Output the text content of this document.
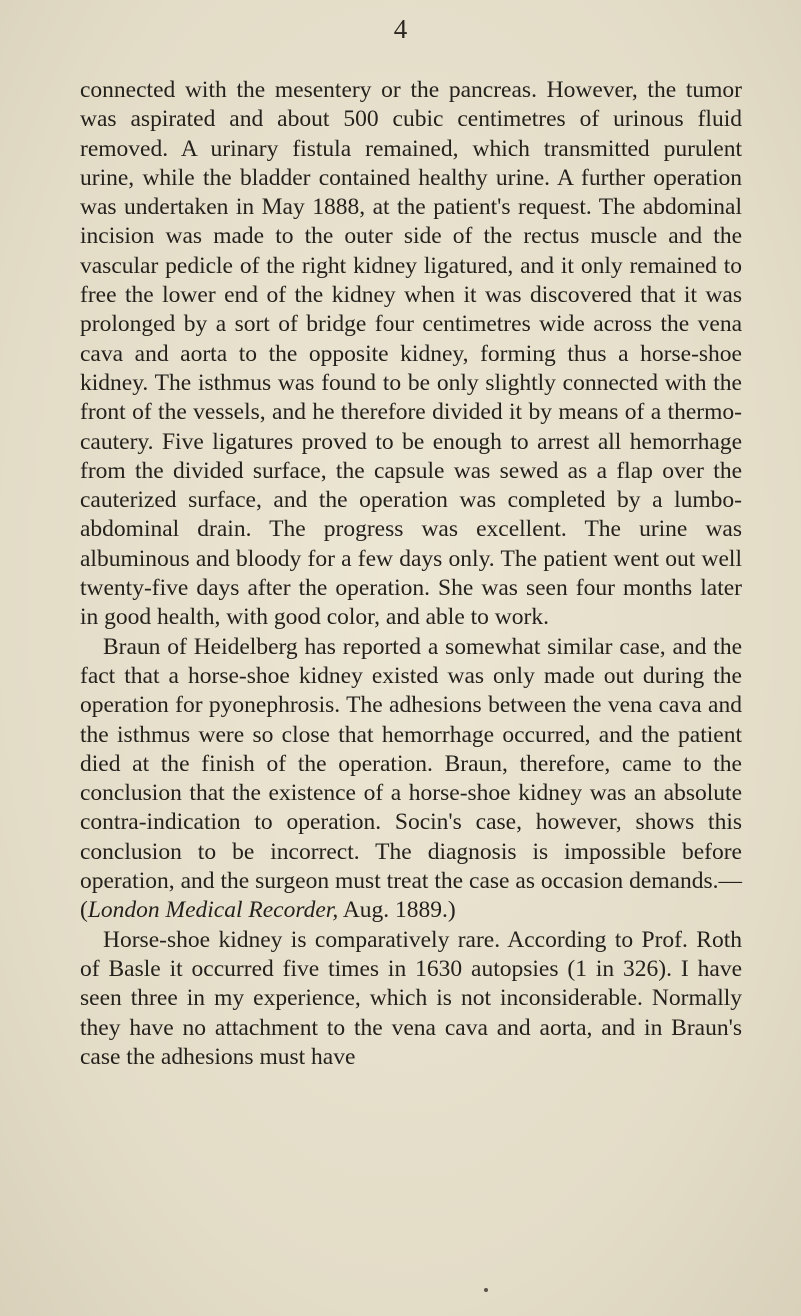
4

connected with the mesentery or the pancreas. However, the tumor was aspirated and about 500 cubic centimetres of urinous fluid removed. A urinary fistula remained, which transmitted purulent urine, while the bladder contained healthy urine. A further operation was undertaken in May 1888, at the patient's request. The abdominal incision was made to the outer side of the rectus muscle and the vascular pedicle of the right kidney ligatured, and it only remained to free the lower end of the kidney when it was discovered that it was prolonged by a sort of bridge four centimetres wide across the vena cava and aorta to the opposite kidney, forming thus a horse-shoe kidney. The isthmus was found to be only slightly connected with the front of the vessels, and he therefore divided it by means of a thermo-cautery. Five ligatures proved to be enough to arrest all hemorrhage from the divided surface, the capsule was sewed as a flap over the cauterized surface, and the operation was completed by a lumbo-abdominal drain. The progress was excellent. The urine was albuminous and bloody for a few days only. The patient went out well twenty-five days after the operation. She was seen four months later in good health, with good color, and able to work.

Braun of Heidelberg has reported a somewhat similar case, and the fact that a horse-shoe kidney existed was only made out during the operation for pyonephrosis. The adhesions between the vena cava and the isthmus were so close that hemorrhage occurred, and the patient died at the finish of the operation. Braun, therefore, came to the conclusion that the existence of a horse-shoe kidney was an absolute contra-indication to operation. Socin's case, however, shows this conclusion to be incorrect. The diagnosis is impossible before operation, and the surgeon must treat the case as occasion demands.—(London Medical Recorder, Aug. 1889.)

Horse-shoe kidney is comparatively rare. According to Prof. Roth of Basle it occurred five times in 1630 autopsies (1 in 326). I have seen three in my experience, which is not inconsiderable. Normally they have no attachment to the vena cava and aorta, and in Braun's case the adhesions must have
